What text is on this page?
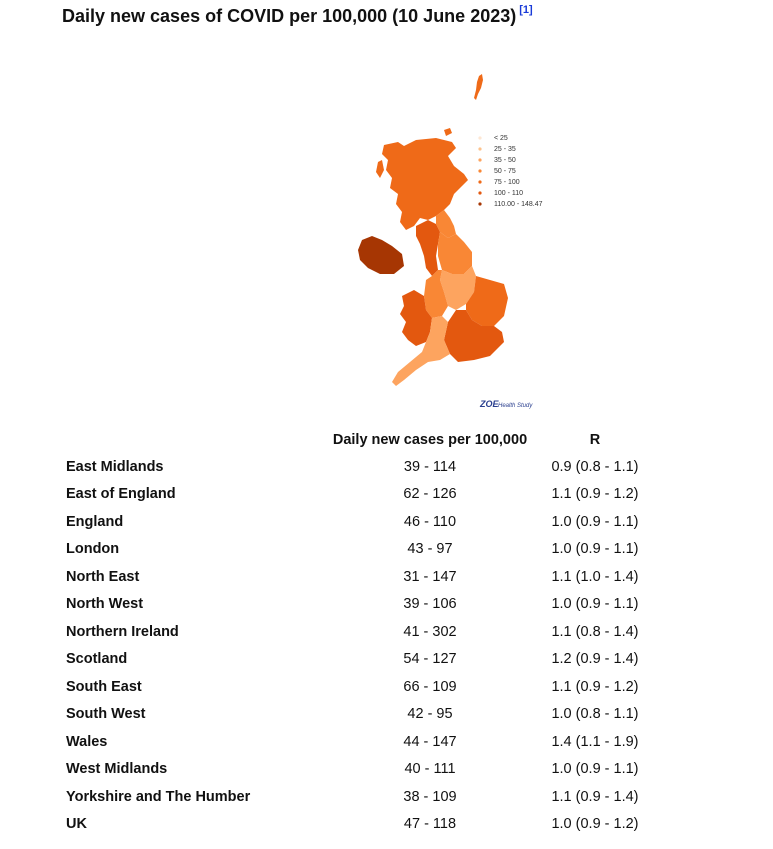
Daily new cases of COVID per 100,000 (10 June 2023) [1]
< 25
25 - 35
35 - 50
50 - 75
75 - 100
100 - 110
110.00 - 148.47
ZOE Health Study
	Daily new cases per 100,000	R
East Midlands	39 - 114	0.9 (0.8 - 1.1)
East of England	62 - 126	1.1 (0.9 - 1.2)
England	46 - 110	1.0 (0.9 - 1.1)
London	43 - 97	1.0 (0.9 - 1.1)
North East	31 - 147	1.1 (1.0 - 1.4)
North West	39 - 106	1.0 (0.9 - 1.1)
Northern Ireland	41 - 302	1.1 (0.8 - 1.4)
Scotland	54 - 127	1.2 (0.9 - 1.4)
South East	66 - 109	1.1 (0.9 - 1.2)
South West	42 - 95	1.0 (0.8 - 1.1)
Wales	44 - 147	1.4 (1.1 - 1.9)
West Midlands	40 - 111	1.0 (0.9 - 1.1)
Yorkshire and The Humber	38 - 109	1.1 (0.9 - 1.4)
UK	47 - 118	1.0 (0.9 - 1.2)
